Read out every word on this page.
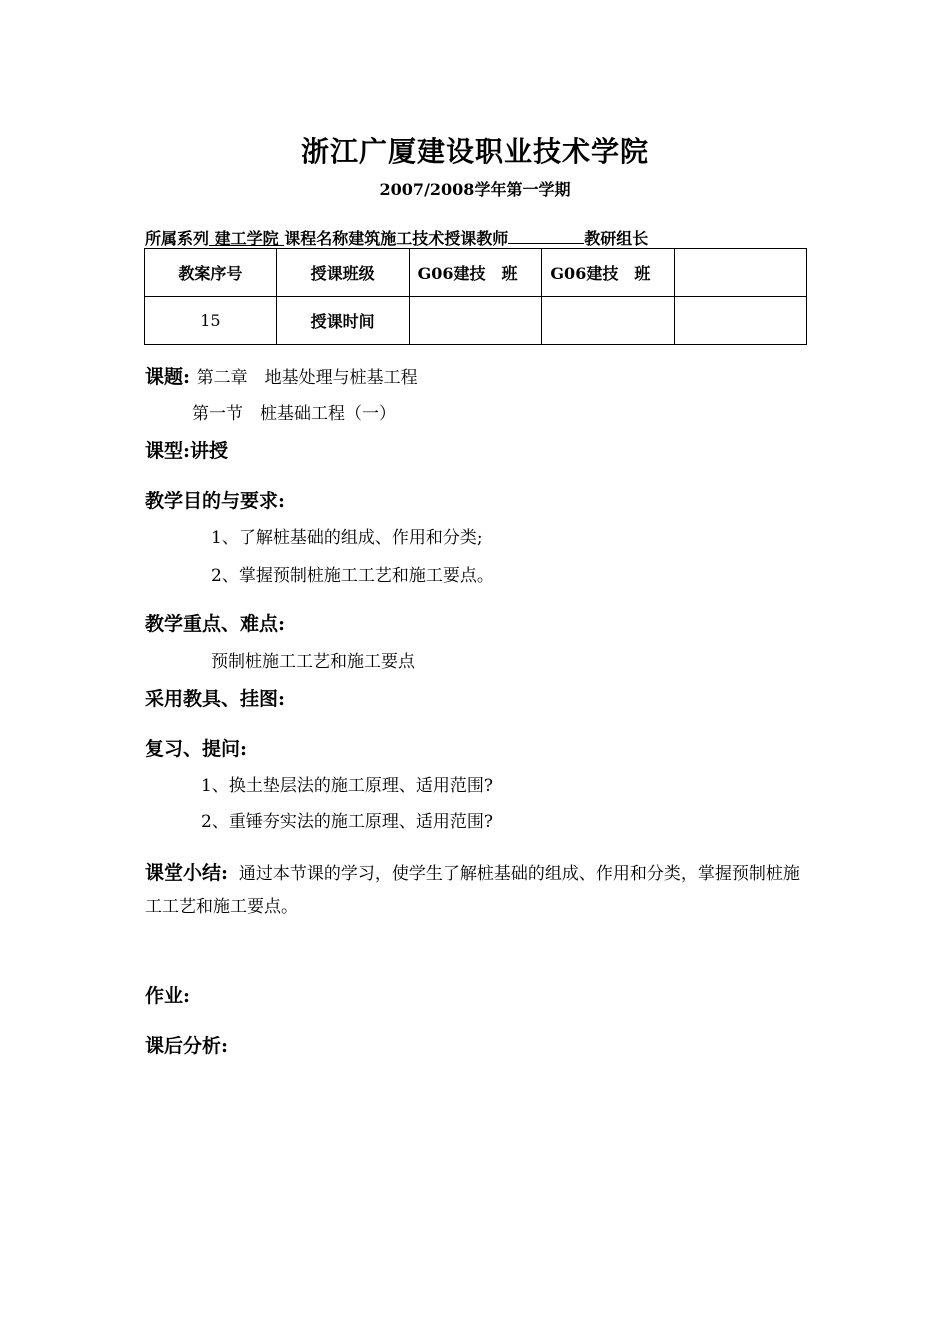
浙江广厦建设职业技术学院
2007/2008学年第一学期
所属系列 建工学院 课程名称建筑施工技术授课教师	教研组长
教案序号	授课班级	G06建技　班	G06建技　班	
15	授课时间			
课题: 第二章　地基处理与桩基工程
第一节　桩基础工程（一）
课型:讲授
教学目的与要求:
1、了解桩基础的组成、作用和分类;
2、掌握预制桩施工工艺和施工要点。
教学重点、难点:
预制桩施工工艺和施工要点
采用教具、挂图:
复习、提问:
1、换土垫层法的施工原理、适用范围?
2、重锤夯实法的施工原理、适用范围?
课堂小结: 通过本节课的学习，使学生了解桩基础的组成、作用和分类，掌握预制桩施工工艺和施工要点。
作业:
课后分析:
